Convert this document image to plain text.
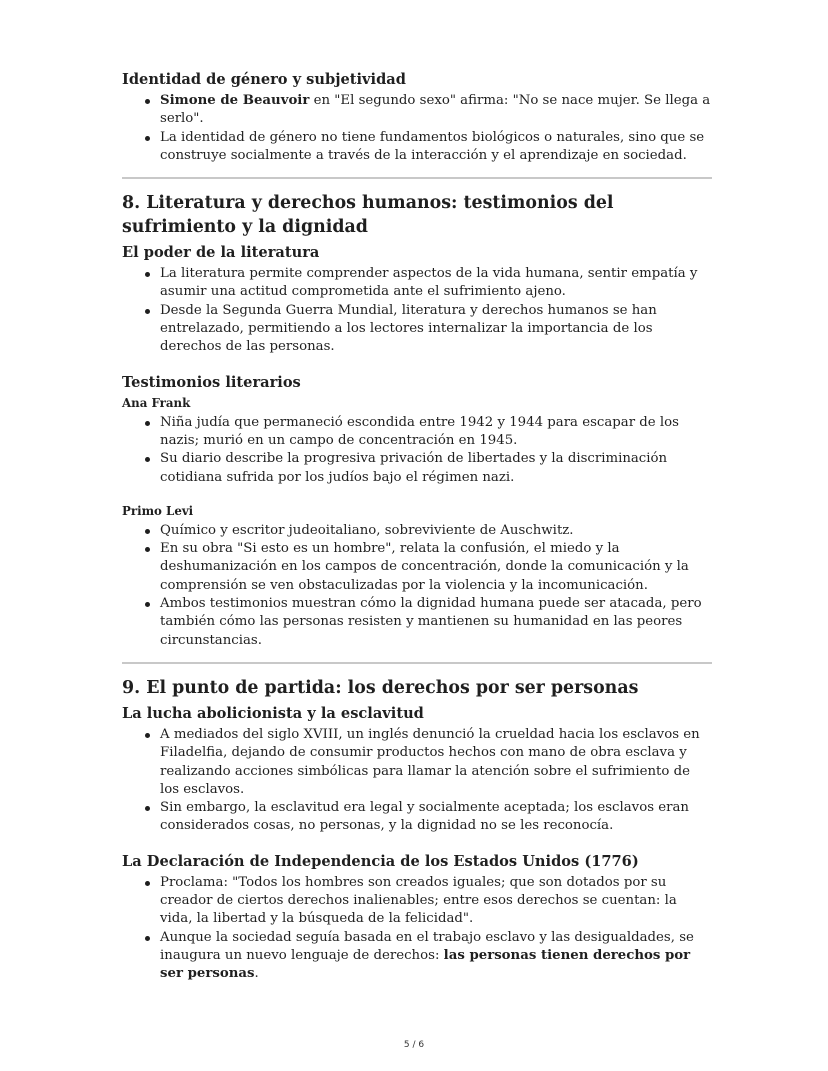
Identidad de género y subjetividad
Simone de Beauvoir en "El segundo sexo" afirma: "No se nace mujer. Se llega a serlo".
La identidad de género no tiene fundamentos biológicos o naturales, sino que se construye socialmente a través de la interacción y el aprendizaje en sociedad.
8. Literatura y derechos humanos: testimonios del sufrimiento y la dignidad
El poder de la literatura
La literatura permite comprender aspectos de la vida humana, sentir empatía y asumir una actitud comprometida ante el sufrimiento ajeno.
Desde la Segunda Guerra Mundial, literatura y derechos humanos se han entrelazado, permitiendo a los lectores internalizar la importancia de los derechos de las personas.
Testimonios literarios
Ana Frank
Niña judía que permaneció escondida entre 1942 y 1944 para escapar de los nazis; murió en un campo de concentración en 1945.
Su diario describe la progresiva privación de libertades y la discriminación cotidiana sufrida por los judíos bajo el régimen nazi.
Primo Levi
Químico y escritor judeoitaliano, sobreviviente de Auschwitz.
En su obra "Si esto es un hombre", relata la confusión, el miedo y la deshumanización en los campos de concentración, donde la comunicación y la comprensión se ven obstaculizadas por la violencia y la incomunicación.
Ambos testimonios muestran cómo la dignidad humana puede ser atacada, pero también cómo las personas resisten y mantienen su humanidad en las peores circunstancias.
9. El punto de partida: los derechos por ser personas
La lucha abolicionista y la esclavitud
A mediados del siglo XVIII, un inglés denunció la crueldad hacia los esclavos en Filadelfia, dejando de consumir productos hechos con mano de obra esclava y realizando acciones simbólicas para llamar la atención sobre el sufrimiento de los esclavos.
Sin embargo, la esclavitud era legal y socialmente aceptada; los esclavos eran considerados cosas, no personas, y la dignidad no se les reconocía.
La Declaración de Independencia de los Estados Unidos (1776)
Proclama: "Todos los hombres son creados iguales; que son dotados por su creador de ciertos derechos inalienables; entre esos derechos se cuentan: la vida, la libertad y la búsqueda de la felicidad".
Aunque la sociedad seguía basada en el trabajo esclavo y las desigualdades, se inaugura un nuevo lenguaje de derechos: las personas tienen derechos por ser personas.
5 / 6
